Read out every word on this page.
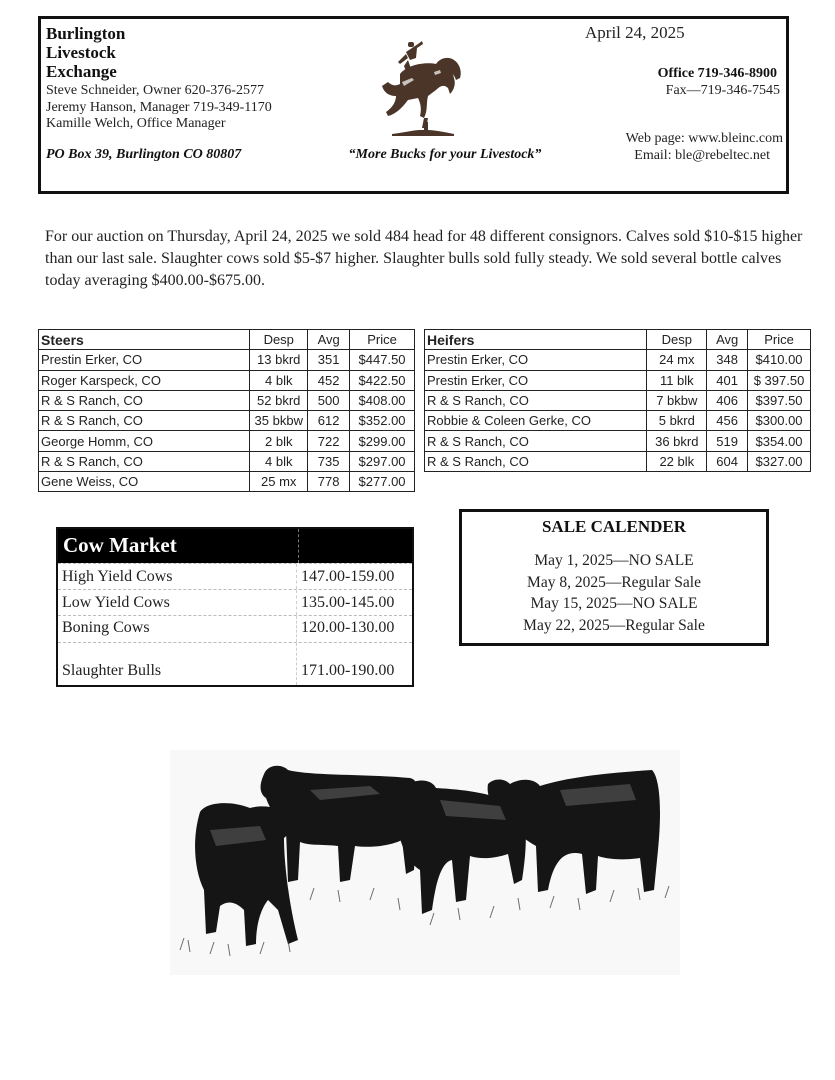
Burlington
Livestock
Exchange
Steve Schneider, Owner 620-376-2577
Jeremy Hanson, Manager 719-349-1170
Kamille Welch, Office Manager
PO Box 39, Burlington CO 80807	“More Bucks for your Livestock”
April 24, 2025
Office 719-346-8900
Fax—719-346-7545
Web page: www.bleinc.com
Email: ble@rebeltec.net
For our auction on Thursday, April 24, 2025 we sold 484 head for 48 different consignors. Calves sold $10-$15 higher than our last sale. Slaughter cows sold $5-$7 higher. Slaughter bulls sold fully steady. We sold several bottle calves today averaging $400.00-$675.00.
Steers	Desp	Avg	Price
Prestin Erker, CO	13 bkrd	351	$447.50
Roger Karspeck, CO	4 blk	452	$422.50
R & S Ranch, CO	52 bkrd	500	$408.00
R & S Ranch, CO	35 bkbw	612	$352.00
George Homm, CO	2 blk	722	$299.00
R & S Ranch, CO	4 blk	735	$297.00
Gene Weiss, CO	25 mx	778	$277.00
Heifers	Desp	Avg	Price
Prestin Erker, CO	24 mx	348	$410.00
Prestin Erker, CO	11 blk	401	$ 397.50
R & S Ranch, CO	7 bkbw	406	$397.50
Robbie & Coleen Gerke, CO	5 bkrd	456	$300.00
R & S Ranch, CO	36 bkrd	519	$354.00
R & S Ranch, CO	22 blk	604	$327.00
Cow Market
High Yield Cows	147.00-159.00
Low Yield Cows	135.00-145.00
Boning Cows	120.00-130.00
Slaughter Bulls	171.00-190.00
SALE CALENDER
May 1, 2025—NO SALE
May 8, 2025—Regular Sale
May 15, 2025—NO SALE
May 22, 2025—Regular Sale
